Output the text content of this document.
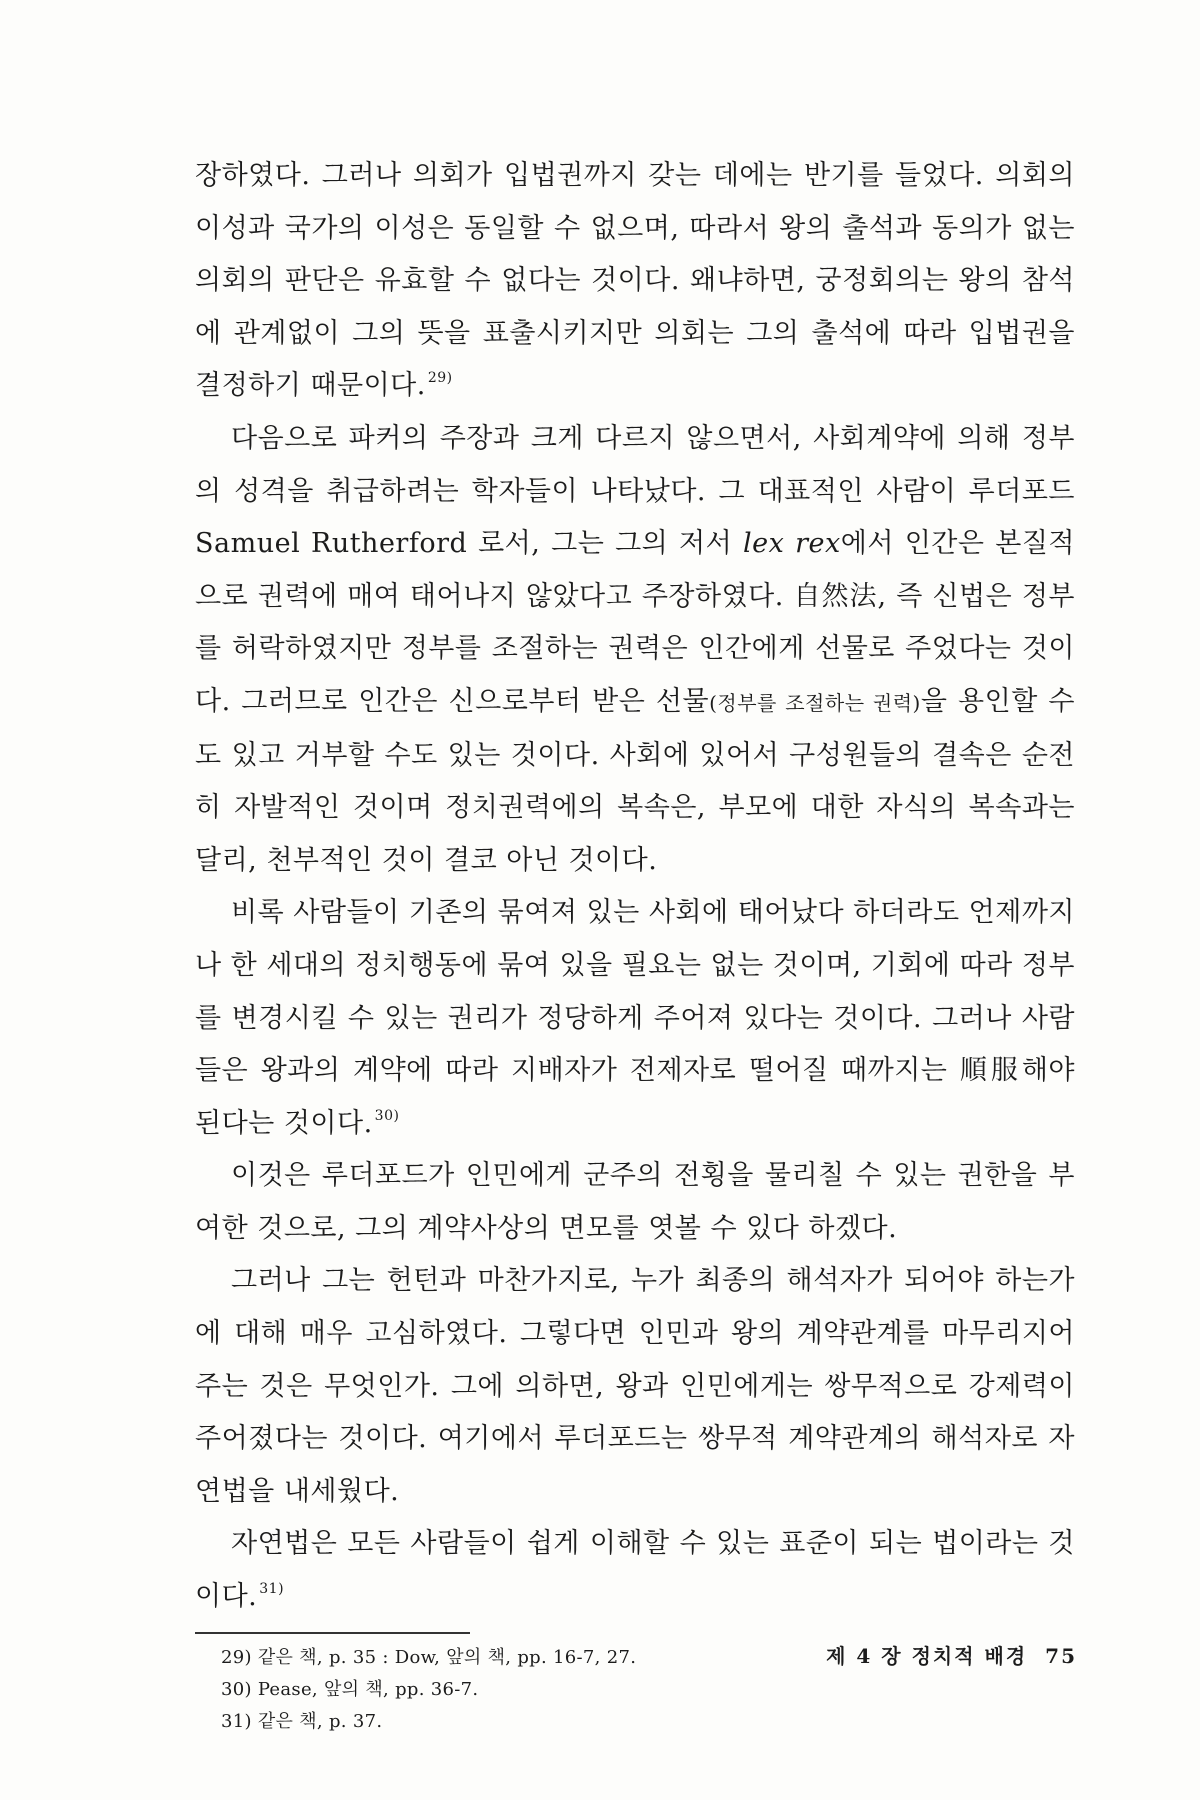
장하였다. 그러나 의회가 입법권까지 갖는 데에는 반기를 들었다. 의회의 이성과 국가의 이성은 동일할 수 없으며, 따라서 왕의 출석과 동의가 없는 의회의 판단은 유효할 수 없다는 것이다. 왜냐하면, 궁정회의는 왕의 참석에 관계없이 그의 뜻을 표출시키지만 의회는 그의 출석에 따라 입법권을 결정하기 때문이다. $^{29)}$

다음으로 파커의 주장과 크게 다르지 않으면서, 사회계약에 의해 정부의 성격을 취급하려는 학자들이 나타났다. 그 대표적인 사람이 루더포드 Samuel Rutherford 로서, 그는 그의 저서 lex rex에서 인간은 본질적으로 권력에 매여 태어나지 않았다고 주장하였다. 自然法, 즉 신법은 정부를 허락하였지만 정부를 조절하는 권력은 인간에게 선물로 주었다는 것이다. 그러므로 인간은 신으로부터 받은 선물(정부를 조절하는 권력)을 용인할 수도 있고 거부할 수도 있는 것이다. 사회에 있어서 구성원들의 결속은 순전히 자발적인 것이며 정치권력에의 복속은, 부모에 대한 자식의 복속과는 달리, 천부적인 것이 결코 아닌 것이다.

비록 사람들이 기존의 묶여져 있는 사회에 태어났다 하더라도 언제까지나 한 세대의 정치행동에 묶여 있을 필요는 없는 것이며, 기회에 따라 정부를 변경시킬 수 있는 권리가 정당하게 주어져 있다는 것이다. 그러나 사람들은 왕과의 계약에 따라 지배자가 전제자로 떨어질 때까지는 順服해야 된다는 것이다. $^{30)}$

이것은 루더포드가 인민에게 군주의 전횡을 물리칠 수 있는 권한을 부여한 것으로, 그의 계약사상의 면모를 엿볼 수 있다 하겠다.

그러나 그는 헌턴과 마찬가지로, 누가 최종의 해석자가 되어야 하는가에 대해 매우 고심하였다. 그렇다면 인민과 왕의 계약관계를 마무리지어 주는 것은 무엇인가. 그에 의하면, 왕과 인민에게는 쌍무적으로 강제력이 주어졌다는 것이다. 여기에서 루더포드는 쌍무적 계약관계의 해석자로 자연법을 내세웠다.

자연법은 모든 사람들이 쉽게 이해할 수 있는 표준이 되는 법이라는 것이다. $^{31)}$

29) 같은 책, p. 35 : Dow, 앞의 책, pp. 16-7, 27.
30) Pease, 앞의 책, pp. 36-7.
31) 같은 책, p. 37.
제 4 장 정치적 배경 75
